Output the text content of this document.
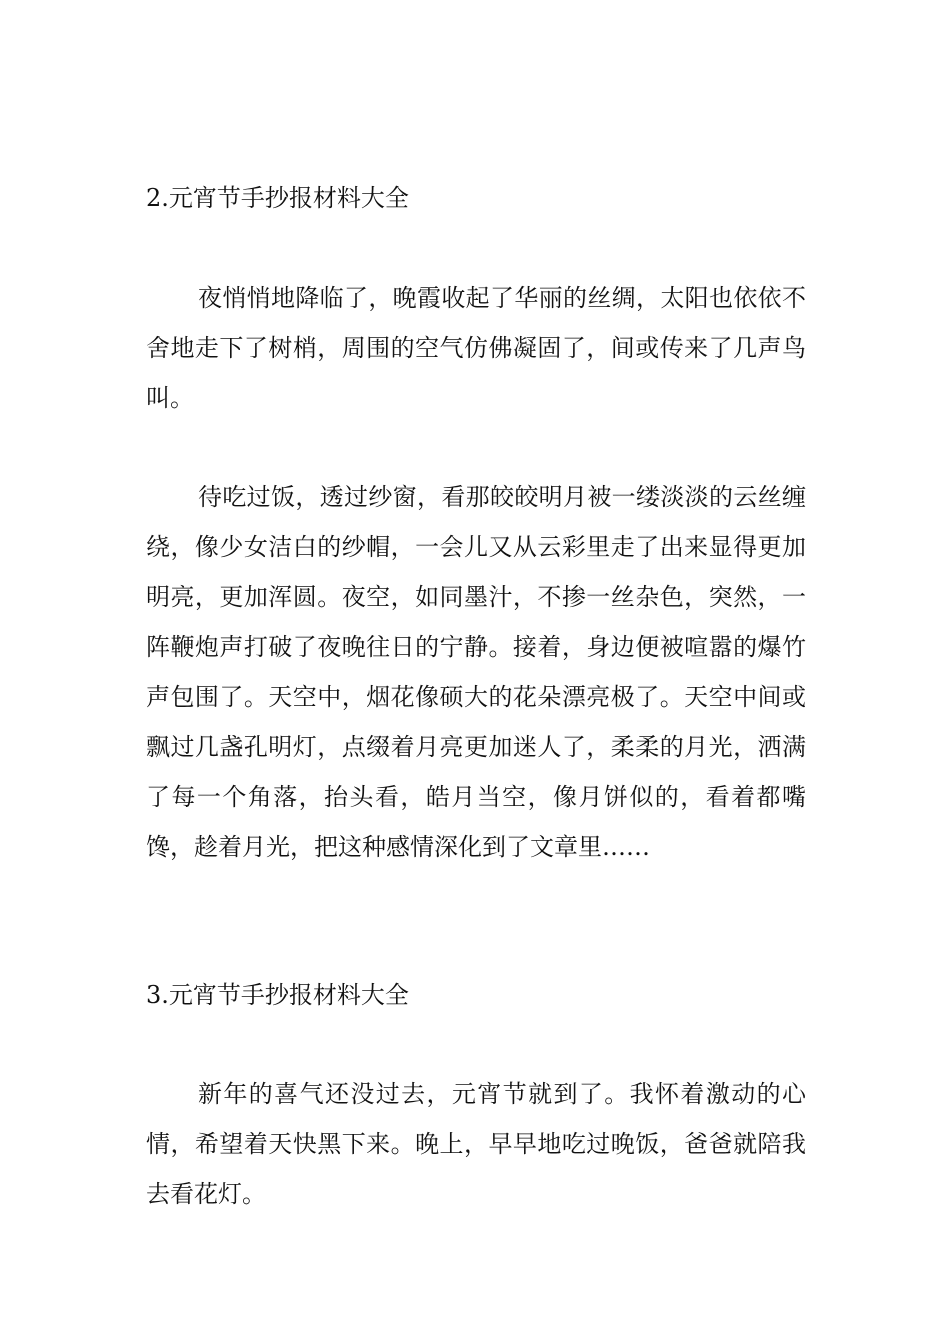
2.元宵节手抄报材料大全

夜悄悄地降临了，晚霞收起了华丽的丝绸，太阳也依依不舍地走下了树梢，周围的空气仿佛凝固了，间或传来了几声鸟叫。

待吃过饭，透过纱窗，看那皎皎明月被一缕淡淡的云丝缠绕，像少女洁白的纱帽，一会儿又从云彩里走了出来显得更加明亮，更加浑圆。夜空，如同墨汁，不掺一丝杂色，突然，一阵鞭炮声打破了夜晚往日的宁静。接着，身边便被喧嚣的爆竹声包围了。天空中，烟花像硕大的花朵漂亮极了。天空中间或飘过几盏孔明灯，点缀着月亮更加迷人了，柔柔的月光，洒满了每一个角落，抬头看，皓月当空，像月饼似的，看着都嘴馋，趁着月光，把这种感情深化到了文章里……

3.元宵节手抄报材料大全

新年的喜气还没过去，元宵节就到了。我怀着激动的心情，希望着天快黑下来。晚上，早早地吃过晚饭，爸爸就陪我去看花灯。
